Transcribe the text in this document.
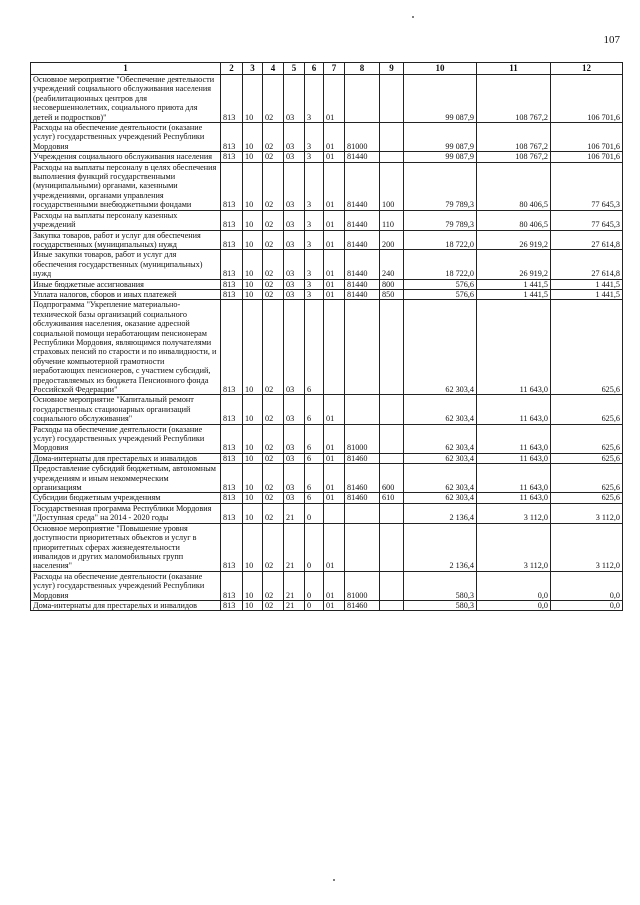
107
1	2	3	4	5	6	7	8	9	10	11	12

Основное мероприятие "Обеспечение деятельности учреждений социального обслуживания населения (реабилитационных центров для несовершеннолетних, социального приюта для детей и подростков)"	813	10	02	03	3	01			99 087,9	108 767,2	106 701,6

Расходы на обеспечение деятельности (оказание услуг) государственных учреждений Республики Мордовия	813	10	02	03	3	01	81000		99 087,9	108 767,2	106 701,6

Учреждения социального обслуживания населения	813	10	02	03	3	01	81440		99 087,9	108 767,2	106 701,6

Расходы на выплаты персоналу в целях обеспечения выполнения функций государственными (муниципальными) органами, казенными учреждениями, органами управления государственными внебюджетными фондами	813	10	02	03	3	01	81440	100	79 789,3	80 406,5	77 645,3

Расходы на выплаты персоналу казенных учреждений	813	10	02	03	3	01	81440	110	79 789,3	80 406,5	77 645,3

Закупка товаров, работ и услуг для обеспечения государственных (муниципальных) нужд	813	10	02	03	3	01	81440	200	18 722,0	26 919,2	27 614,8

Иные закупки товаров, работ и услуг для обеспечения государственных (муниципальных) нужд	813	10	02	03	3	01	81440	240	18 722,0	26 919,2	27 614,8

Иные бюджетные ассигнования	813	10	02	03	3	01	81440	800	576,6	1 441,5	1 441,5

Уплата налогов, сборов и иных платежей	813	10	02	03	3	01	81440	850	576,6	1 441,5	1 441,5

Подпрограмма "Укрепление материально-технической базы организаций социального обслуживания населения, оказание адресной социальной помощи неработающим пенсионерам Республики Мордовия, являющимся получателями страховых пенсий по старости и по инвалидности, и обучение компьютерной грамотности неработающих пенсионеров, с участием субсидий, предоставляемых из бюджета Пенсионного фонда Российской Федерации"	813	10	02	03	6				62 303,4	11 643,0	625,6

Основное мероприятие "Капитальный ремонт государственных стационарных организаций социального обслуживания"	813	10	02	03	6	01			62 303,4	11 643,0	625,6

Расходы на обеспечение деятельности (оказание услуг) государственных учреждений Республики Мордовия	813	10	02	03	6	01	81000		62 303,4	11 643,0	625,6

Дома-интернаты для престарелых и инвалидов	813	10	02	03	6	01	81460		62 303,4	11 643,0	625,6

Предоставление субсидий бюджетным, автономным учреждениям и иным некоммерческим организациям	813	10	02	03	6	01	81460	600	62 303,4	11 643,0	625,6

Субсидии бюджетным учреждениям	813	10	02	03	6	01	81460	610	62 303,4	11 643,0	625,6

Государственная программа Республики Мордовия "Доступная среда" на 2014 - 2020 годы	813	10	02	21	0				2 136,4	3 112,0	3 112,0

Основное мероприятие "Повышение уровня доступности приоритетных объектов и услуг в приоритетных сферах жизнедеятельности инвалидов и других маломобильных групп населения"	813	10	02	21	0	01			2 136,4	3 112,0	3 112,0

Расходы на обеспечение деятельности (оказание услуг) государственных учреждений Республики Мордовия	813	10	02	21	0	01	81000		580,3	0,0	0,0

Дома-интернаты для престарелых и инвалидов	813	10	02	21	0	01	81460		580,3	0,0	0,0
